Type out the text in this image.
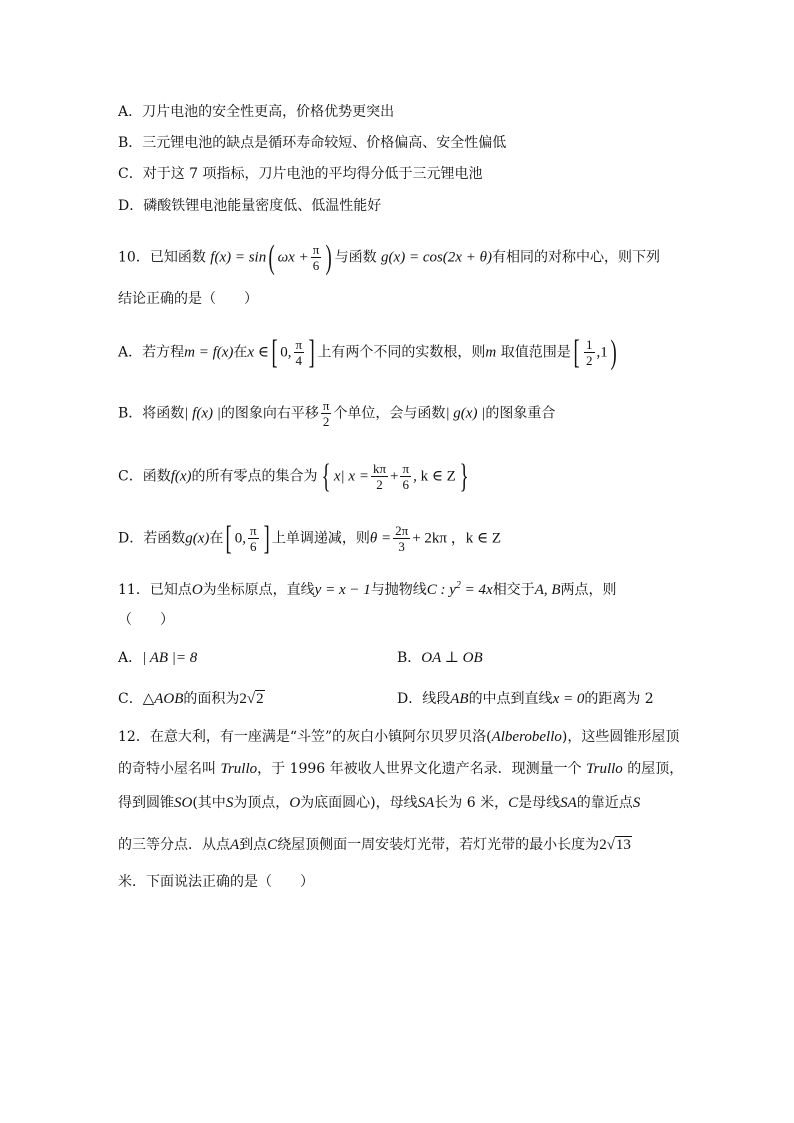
A．刀片电池的安全性更高，价格优势更突出
B．三元锂电池的缺点是循环寿命较短、价格偏高、安全性偏低
C．对于这 7 项指标，刀片电池的平均得分低于三元锂电池
D．磷酸铁锂电池能量密度低、低温性能好
10．已知函数 f(x) = sin( $\omega x + \frac{\pi}{6}$ ) 与函数 g(x) = cos(2x + θ)有相同的对称中心，则下列
结论正确的是（　　）
A．若方程m = f(x)在x ∈[ 0, $\frac{\pi}{4}$ ] 上有两个不同的实数根，则m 取值范围是[ $\frac{1}{2} ,1$)
B．将函数| f(x) |的图象向右平移 $\frac{\pi}{2}$ 个单位，会与函数| g(x) |的图象重合
C．函数f(x)的所有零点的集合为 { x| $x = \frac{k\pi}{2} + \frac{\pi}{6}$ , k ∈ Z }
D．若函数g(x)在[ 0, $\frac{\pi}{6}$ ] 上单调递减，则$\theta = \frac{2\pi}{3} + 2k\pi$ ，k ∈ Z
11．已知点O为坐标原点，直线y = x − 1与抛物线C : $y^2 = 4x$相交于A, B两点，则
（　　）
A．| AB |= 8	B．OA ⊥ OB
C．△AOB的面积为2√2	D．线段AB的中点到直线x = 0的距离为 2
12．在意大利，有一座满是“斗笠”的灰白小镇阿尔贝罗贝洛(Alberobello)，这些圆锥形屋顶
的奇特小屋名叫 Trullo，于 1996 年被收人世界文化遗产名录．现测量一个 Trullo 的屋顶，
得到圆锥SO(其中S为顶点，O为底面圆心)，母线SA长为 6 米，C是母线SA的靠近点S
的三等分点．从点A到点C绕屋顶侧面一周安装灯光带，若灯光带的最小长度为2√13
米．下面说法正确的是（　　）
